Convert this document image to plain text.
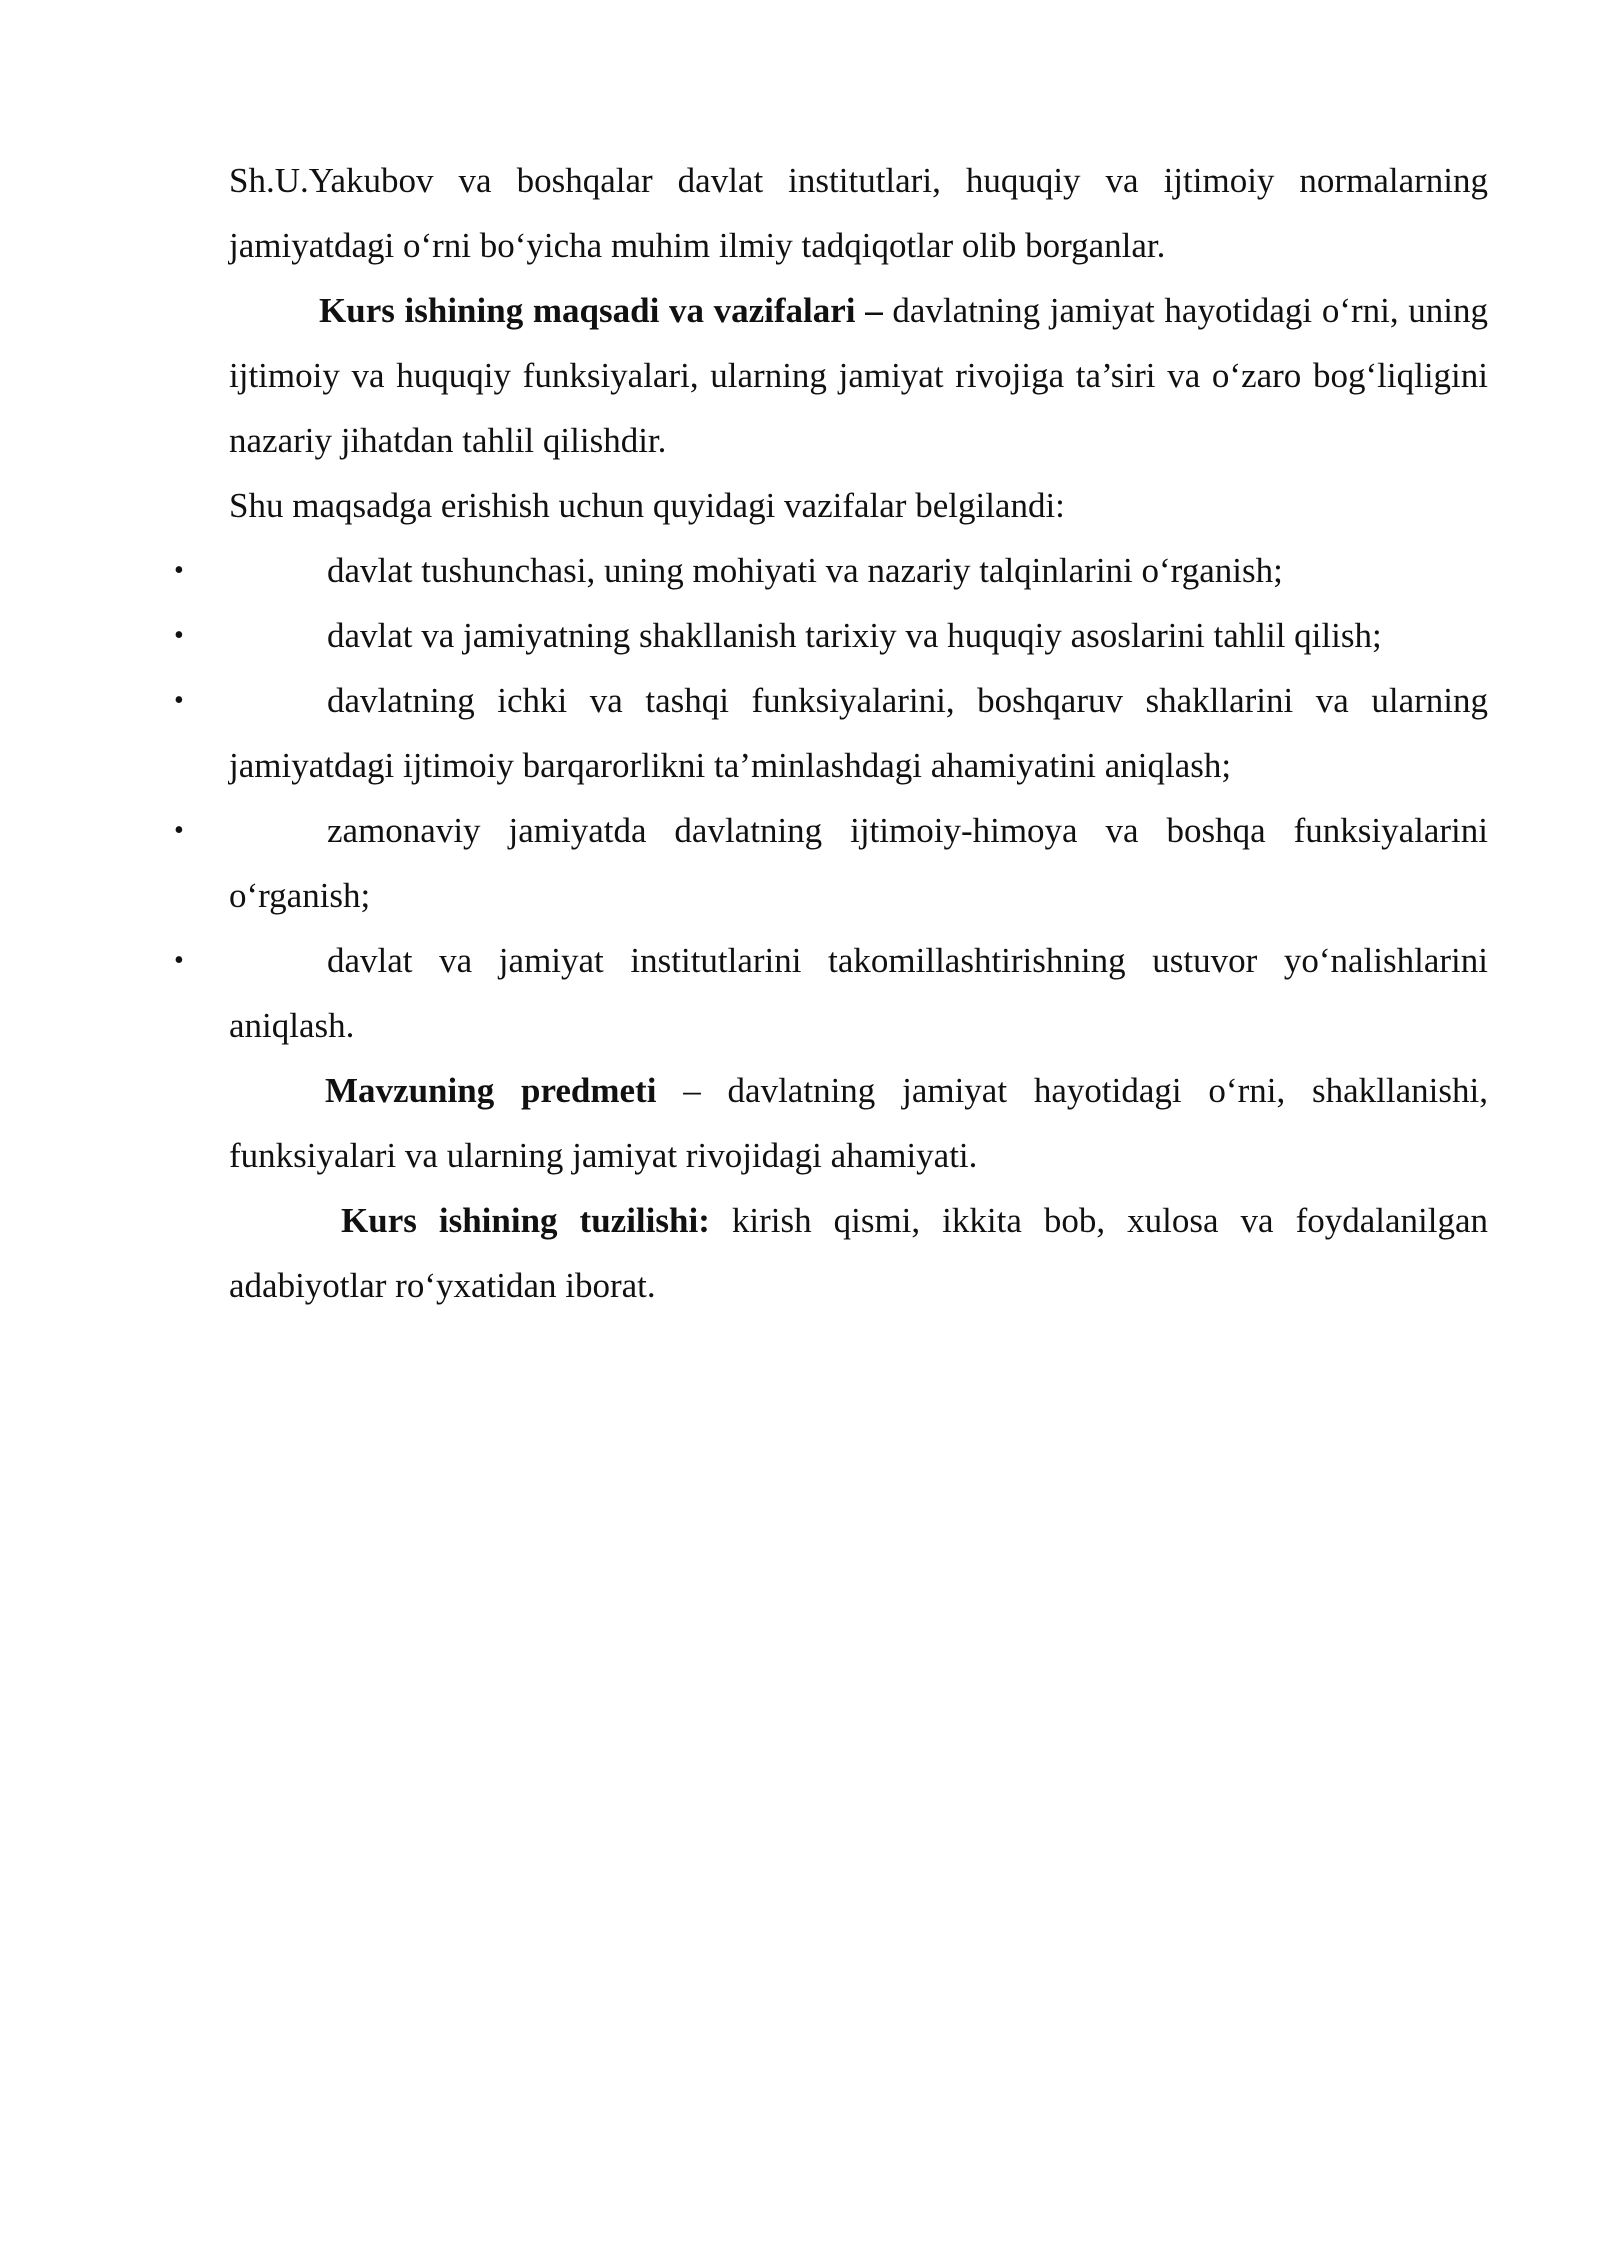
Sh.U.Yakubov va boshqalar davlat institutlari, huquqiy va ijtimoiy normalarning jamiyatdagi o‘rni bo‘yicha muhim ilmiy tadqiqotlar olib borganlar.

Kurs ishining maqsadi va vazifalari – davlatning jamiyat hayotidagi o‘rni, uning ijtimoiy va huquqiy funksiyalari, ularning jamiyat rivojiga ta’siri va o‘zaro bog‘liqligini nazariy jihatdan tahlil qilishdir.

Shu maqsadga erishish uchun quyidagi vazifalar belgilandi:

•	davlat tushunchasi, uning mohiyati va nazariy talqinlarini o‘rganish;
•	davlat va jamiyatning shakllanish tarixiy va huquqiy asoslarini tahlil qilish;
•	davlatning ichki va tashqi funksiyalarini, boshqaruv shakllarini va ularning jamiyatdagi ijtimoiy barqarorlikni ta’minlashdagi ahamiyatini aniqlash;
•	zamonaviy jamiyatda davlatning ijtimoiy-himoya va boshqa funksiyalarini o‘rganish;
•	davlat va jamiyat institutlarini takomillashtirishning ustuvor yo‘nalishlarini aniqlash.

Mavzuning predmeti – davlatning jamiyat hayotidagi o‘rni, shakllanishi, funksiyalari va ularning jamiyat rivojidagi ahamiyati.

Kurs ishining tuzilishi: kirish qismi, ikkita bob, xulosa va foydalanilgan adabiyotlar ro‘yxatidan iborat.
